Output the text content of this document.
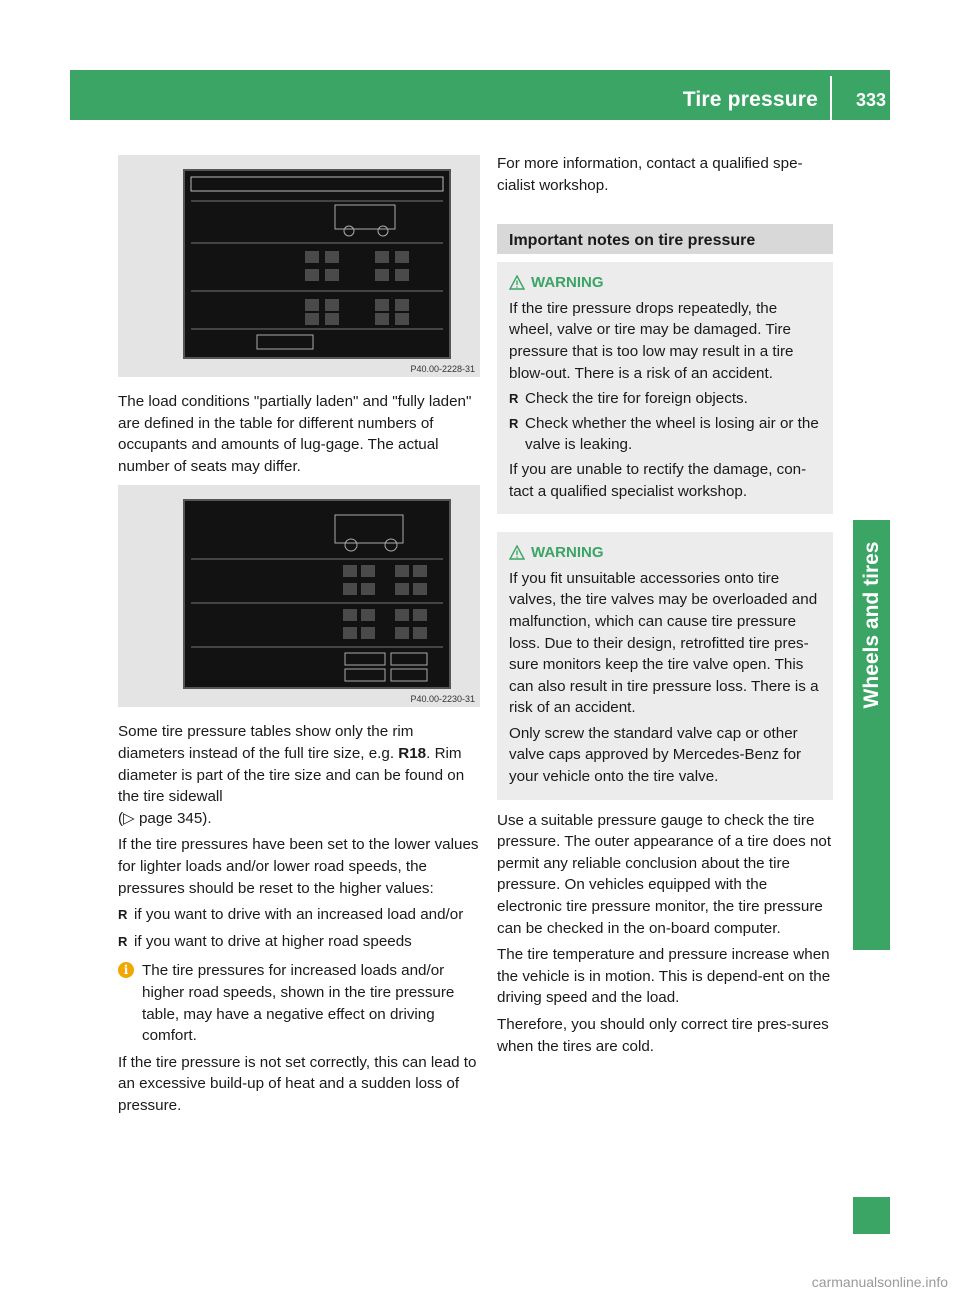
Tire pressure 333
Wheels and tires
P40.00-2228-31

The load conditions "partially laden" and "fully laden" are defined in the table for different numbers of occupants and amounts of lug-gage. The actual number of seats may differ.

P40.00-2230-31

Some tire pressure tables show only the rim diameters instead of the full tire size, e.g. R18. Rim diameter is part of the tire size and can be found on the tire sidewall
(▷ page 345).

If the tire pressures have been set to the lower values for lighter loads and/or lower road speeds, the pressures should be reset to the higher values:

R if you want to drive with an increased load and/or
R if you want to drive at higher road speeds
i The tire pressures for increased loads and/or higher road speeds, shown in the tire pressure table, may have a negative effect on driving comfort.

If the tire pressure is not set correctly, this can lead to an excessive build-up of heat and a sudden loss of pressure.

For more information, contact a qualified spe-cialist workshop.

Important notes on tire pressure
WARNING

If the tire pressure drops repeatedly, the wheel, valve or tire may be damaged. Tire pressure that is too low may result in a tire blow-out. There is a risk of an accident.

R Check the tire for foreign objects.
R Check whether the wheel is losing air or the valve is leaking.

If you are unable to rectify the damage, con-tact a qualified specialist workshop.

WARNING

If you fit unsuitable accessories onto tire valves, the tire valves may be overloaded and malfunction, which can cause tire pressure loss. Due to their design, retrofitted tire pres-sure monitors keep the tire valve open. This can also result in tire pressure loss. There is a risk of an accident.

Only screw the standard valve cap or other valve caps approved by Mercedes-Benz for your vehicle onto the tire valve.

Use a suitable pressure gauge to check the tire pressure. The outer appearance of a tire does not permit any reliable conclusion about the tire pressure. On vehicles equipped with the electronic tire pressure monitor, the tire pressure can be checked in the on-board computer.

The tire temperature and pressure increase when the vehicle is in motion. This is depend-ent on the driving speed and the load.

Therefore, you should only correct tire pres-sures when the tires are cold.

carmanualsonline.info
